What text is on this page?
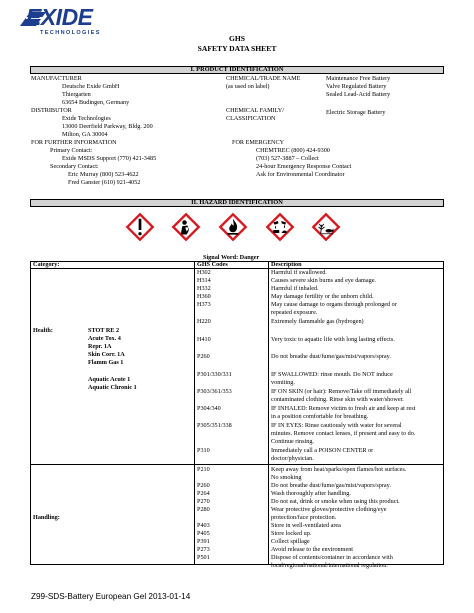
EXIDE
TECHNOLOGIES
GHS
SAFETY DATA SHEET
I. PRODUCT IDENTIFICATION
MANUFACTURER
Deutsche Exide GmbH
Thiergarten
63654 Budingen, Germany
DISTRIBUTOR
Exide Technologies
13000 Deerfield Parkway, Bldg. 200
Milton, GA 30004
FOR FURTHER INFORMATION
Primary Contact:
Exide MSDS Support (770) 421-3485
Secondary Contact:
Eric Murray (800) 523-4622
Fred Ganster (610) 921-4052
CHEMICAL/TRADE NAME
(as used on label)
Maintenance Free Battery
Valve Regulated Battery
Sealed Lead-Acid Battery
CHEMICAL FAMILY/
CLASSIFICATION
Electric Storage Battery
FOR EMERGENCY
CHEMTREC (800) 424-9300
(703) 527-3887 – Collect
24-hour Emergency Response Contact
Ask for Environmental Coordinator
II. HAZARD IDENTIFICATION
Signal Word: Danger
Category:	GHS Codes	Description
Health:	STOT RE 2
Acute Tox. 4
Repr. 1A
Skin Corr. 1A
Flamm Gas 1
Aquatic Acute 1
Aquatic Chronic 1
H302	Harmful if swallowed.
H314	Causes severe skin burns and eye damage.
H332	Harmful if inhaled.
H360	May damage fertility or the unborn child.
H373	May cause damage to organs through prolonged or
repeated exposure.
H220	Extremely flammable gas (hydrogen)
H410	Very toxic to aquatic life with long lasting effects.
P260	Do not breathe dust/fume/gas/mist/vapors/spray.
P301/330/331	IF SWALLOWED: rinse mouth. Do NOT induce
vomiting.
P303/361/353	IF ON SKIN (or hair): Remove/Take off immediately all
contaminated clothing. Rinse skin with water/shower.
P304/340	IF INHALED: Remove victim to fresh air and keep at rest
in a position comfortable for breathing.
P305/351/338	IF IN EYES: Rinse cautiously with water for several
minutes. Remove contact lenses, if present and easy to do.
Continue rinsing.
P310	Immediately call a POISON CENTER or
doctor/physician.
Handling:
P210	Keep away from heat/sparks/open flames/hot surfaces.
No smoking
P260	Do not breathe dust/fume/gas/mist/vapors/spray.
P264	Wash thoroughly after handling.
P270	Do not eat, drink or smoke when using this product.
P280	Wear protective gloves/protective clothing/eye
protection/face protection.
P403	Store in well-ventilated area
P405	Store locked up.
P391	Collect spillage
P273	Avoid release to the environment
P501	Dispose of contents/container in accordance with
local/regional/national/international regulation.
Z99-SDS-Battery European Gel 2013-01-14
